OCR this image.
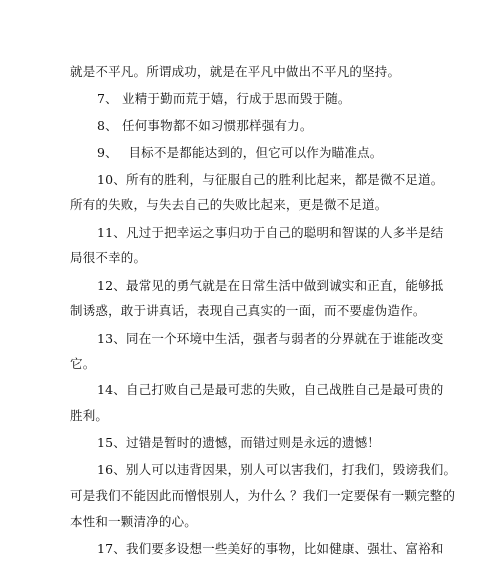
就是不平凡。所谓成功，就是在平凡中做出不平凡的坚持。
7、 业精于勤而荒于嬉，行成于思而毁于随。
8、 任何事物都不如习惯那样强有力。
9、　 目标不是都能达到的，但它可以作为瞄准点。
10、所有的胜利，与征服自己的胜利比起来，都是微不足道。
所有的失败，与失去自己的失败比起来，更是微不足道。
11、凡过于把幸运之事归功于自己的聪明和智谋的人多半是结
局很不幸的。
12、最常见的勇气就是在日常生活中做到诚实和正直，能够抵
制诱惑，敢于讲真话，表现自己真实的一面，而不要虚伪造作。
13、同在一个环境中生活，强者与弱者的分界就在于谁能改变
它。
14、自己打败自己是最可悲的失败，自己战胜自己是最可贵的
胜利。
15、过错是暂时的遗憾，而错过则是永远的遗憾！
16、别人可以违背因果，别人可以害我们，打我们，毁谤我们。
可是我们不能因此而憎恨别人，为什么 ？我们一定要保有一颗完整的
本性和一颗清净的心。
17、我们要多设想一些美好的事物，比如健康、强壮、富裕和
